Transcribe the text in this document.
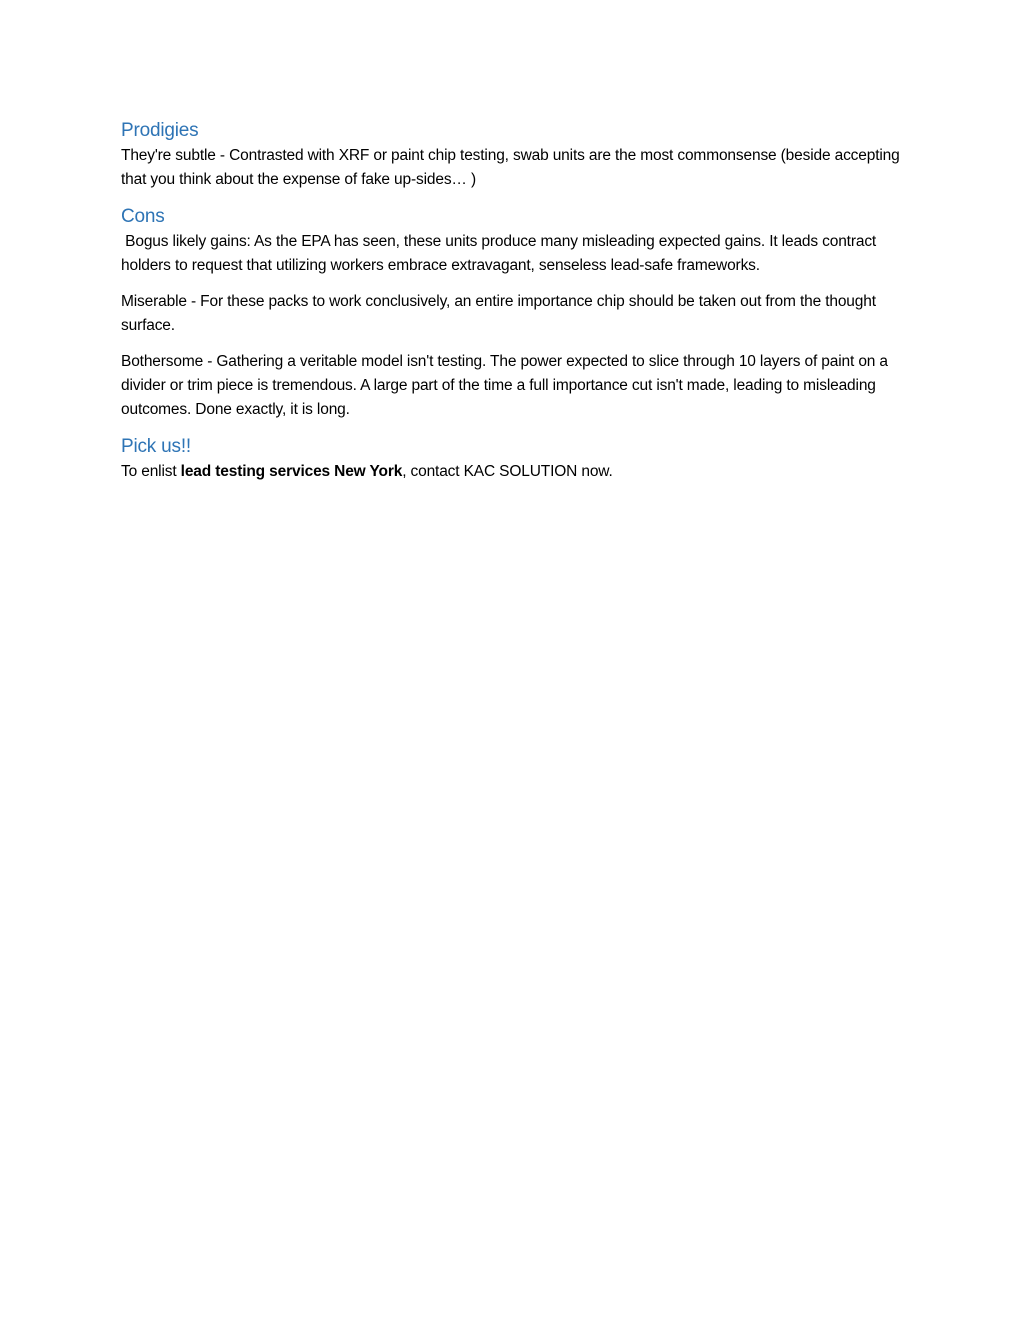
Prodigies

They're subtle - Contrasted with XRF or paint chip testing, swab units are the most commonsense (beside accepting that you think about the expense of fake up-sides… )

Cons

Bogus likely gains: As the EPA has seen, these units produce many misleading expected gains. It leads contract holders to request that utilizing workers embrace extravagant, senseless lead-safe frameworks.

Miserable - For these packs to work conclusively, an entire importance chip should be taken out from the thought surface.

Bothersome - Gathering a veritable model isn't testing. The power expected to slice through 10 layers of paint on a divider or trim piece is tremendous. A large part of the time a full importance cut isn't made, leading to misleading outcomes. Done exactly, it is long.

Pick us!!

To enlist lead testing services New York, contact KAC SOLUTION now.
